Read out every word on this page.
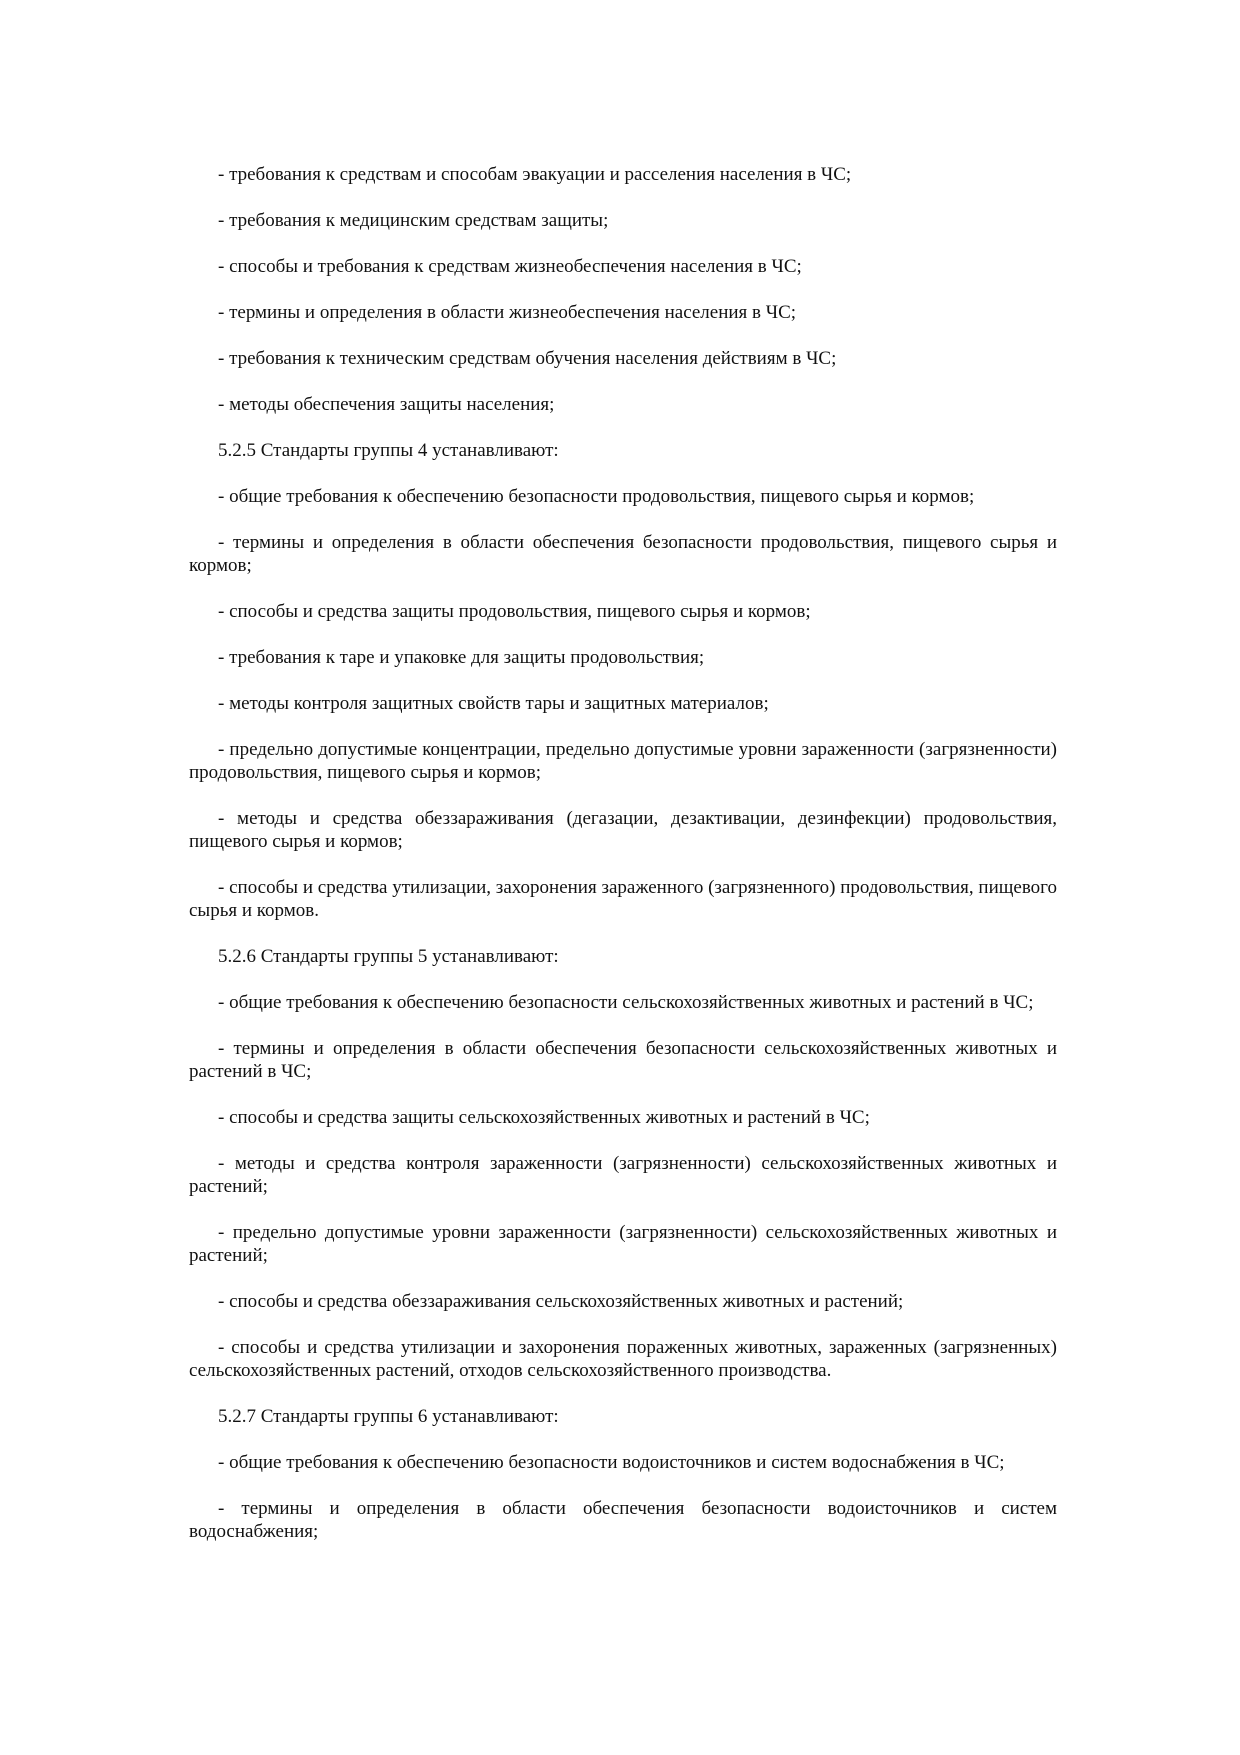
- требования к средствам и способам эвакуации и расселения населения в ЧС;

- требования к медицинским средствам защиты;

- способы и требования к средствам жизнеобеспечения населения в ЧС;

- термины и определения в области жизнеобеспечения населения в ЧС;

- требования к техническим средствам обучения населения действиям в ЧС;

- методы обеспечения защиты населения;

5.2.5 Стандарты группы 4 устанавливают:

- общие требования к обеспечению безопасности продовольствия, пищевого сырья и кормов;

- термины и определения в области обеспечения безопасности продовольствия, пищевого сырья и кормов;

- способы и средства защиты продовольствия, пищевого сырья и кормов;

- требования к таре и упаковке для защиты продовольствия;

- методы контроля защитных свойств тары и защитных материалов;

- предельно допустимые концентрации, предельно допустимые уровни зараженности (загрязненности) продовольствия, пищевого сырья и кормов;

- методы и средства обеззараживания (дегазации, дезактивации, дезинфекции) продовольствия, пищевого сырья и кормов;

- способы и средства утилизации, захоронения зараженного (загрязненного) продовольствия, пищевого сырья и кормов.

5.2.6 Стандарты группы 5 устанавливают:

- общие требования к обеспечению безопасности сельскохозяйственных животных и растений в ЧС;

- термины и определения в области обеспечения безопасности сельскохозяйственных животных и растений в ЧС;

- способы и средства защиты сельскохозяйственных животных и растений в ЧС;

- методы и средства контроля зараженности (загрязненности) сельскохозяйственных животных и растений;

- предельно допустимые уровни зараженности (загрязненности) сельскохозяйственных животных и растений;

- способы и средства обеззараживания сельскохозяйственных животных и растений;

- способы и средства утилизации и захоронения пораженных животных, зараженных (загрязненных) сельскохозяйственных растений, отходов сельскохозяйственного производства.

5.2.7 Стандарты группы 6 устанавливают:

- общие требования к обеспечению безопасности водоисточников и систем водоснабжения в ЧС;

- термины и определения в области обеспечения безопасности водоисточников и систем водоснабжения;
